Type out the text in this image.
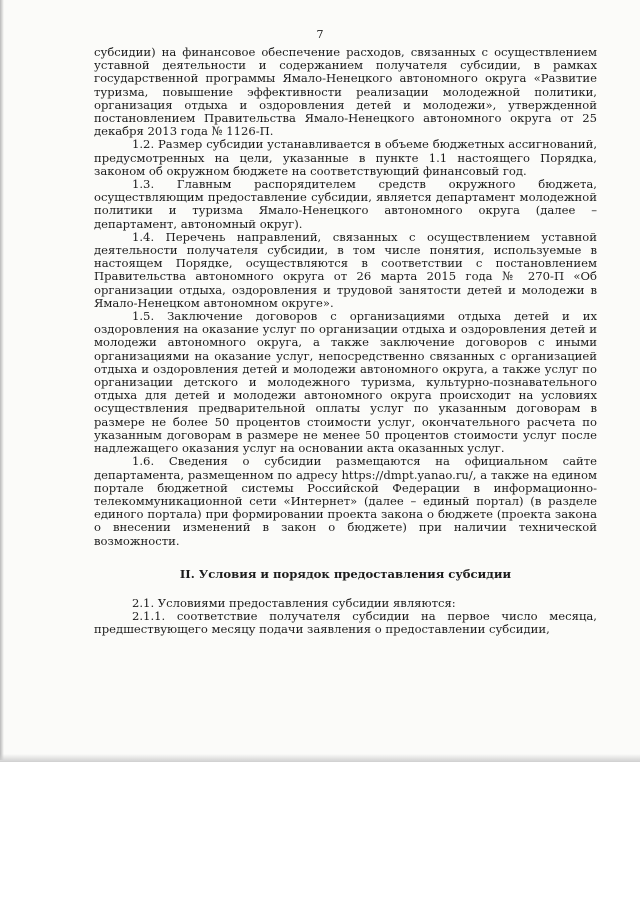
7

субсидии) на финансовое обеспечение расходов, связанных с осуществлением уставной деятельности и содержанием получателя субсидии, в рамках государственной программы Ямало-Ненецкого автономного округа «Развитие туризма, повышение эффективности реализации молодежной политики, организация отдыха и оздоровления детей и молодежи», утвержденной постановлением Правительства Ямало-Ненецкого автономного округа от 25 декабря 2013 года № 1126-П.

1.2. Размер субсидии устанавливается в объеме бюджетных ассигнований, предусмотренных на цели, указанные в пункте 1.1 настоящего Порядка, законом об окружном бюджете на соответствующий финансовый год.

1.3. Главным распорядителем средств окружного бюджета, осуществляющим предоставление субсидии, является департамент молодежной политики и туризма Ямало-Ненецкого автономного округа (далее – департамент, автономный округ).

1.4. Перечень направлений, связанных с осуществлением уставной деятельности получателя субсидии, в том числе понятия, используемые в настоящем Порядке, осуществляются в соответствии с постановлением Правительства автономного округа от 26 марта 2015 года № 270-П «Об организации отдыха, оздоровления и трудовой занятости детей и молодежи в Ямало-Ненецком автономном округе».

1.5. Заключение договоров с организациями отдыха детей и их оздоровления на оказание услуг по организации отдыха и оздоровления детей и молодежи автономного округа, а также заключение договоров с иными организациями на оказание услуг, непосредственно связанных с организацией отдыха и оздоровления детей и молодежи автономного округа, а также услуг по организации детского и молодежного туризма, культурно-познавательного отдыха для детей и молодежи автономного округа происходит на условиях осуществления предварительной оплаты услуг по указанным договорам в размере не более 50 процентов стоимости услуг, окончательного расчета по указанным договорам в размере не менее 50 процентов стоимости услуг после надлежащего оказания услуг на основании акта оказанных услуг.

1.6. Сведения о субсидии размещаются на официальном сайте департамента, размещенном по адресу https://dmpt.yanao.ru/, а также на едином портале бюджетной системы Российской Федерации в информационно-телекоммуникационной сети «Интернет» (далее – единый портал) (в разделе единого портала) при формировании проекта закона о бюджете (проекта закона о внесении изменений в закон о бюджете) при наличии технической возможности.

II. Условия и порядок предоставления субсидии

2.1. Условиями предоставления субсидии являются:

2.1.1. соответствие получателя субсидии на первое число месяца, предшествующего месяцу подачи заявления о предоставлении субсидии,
